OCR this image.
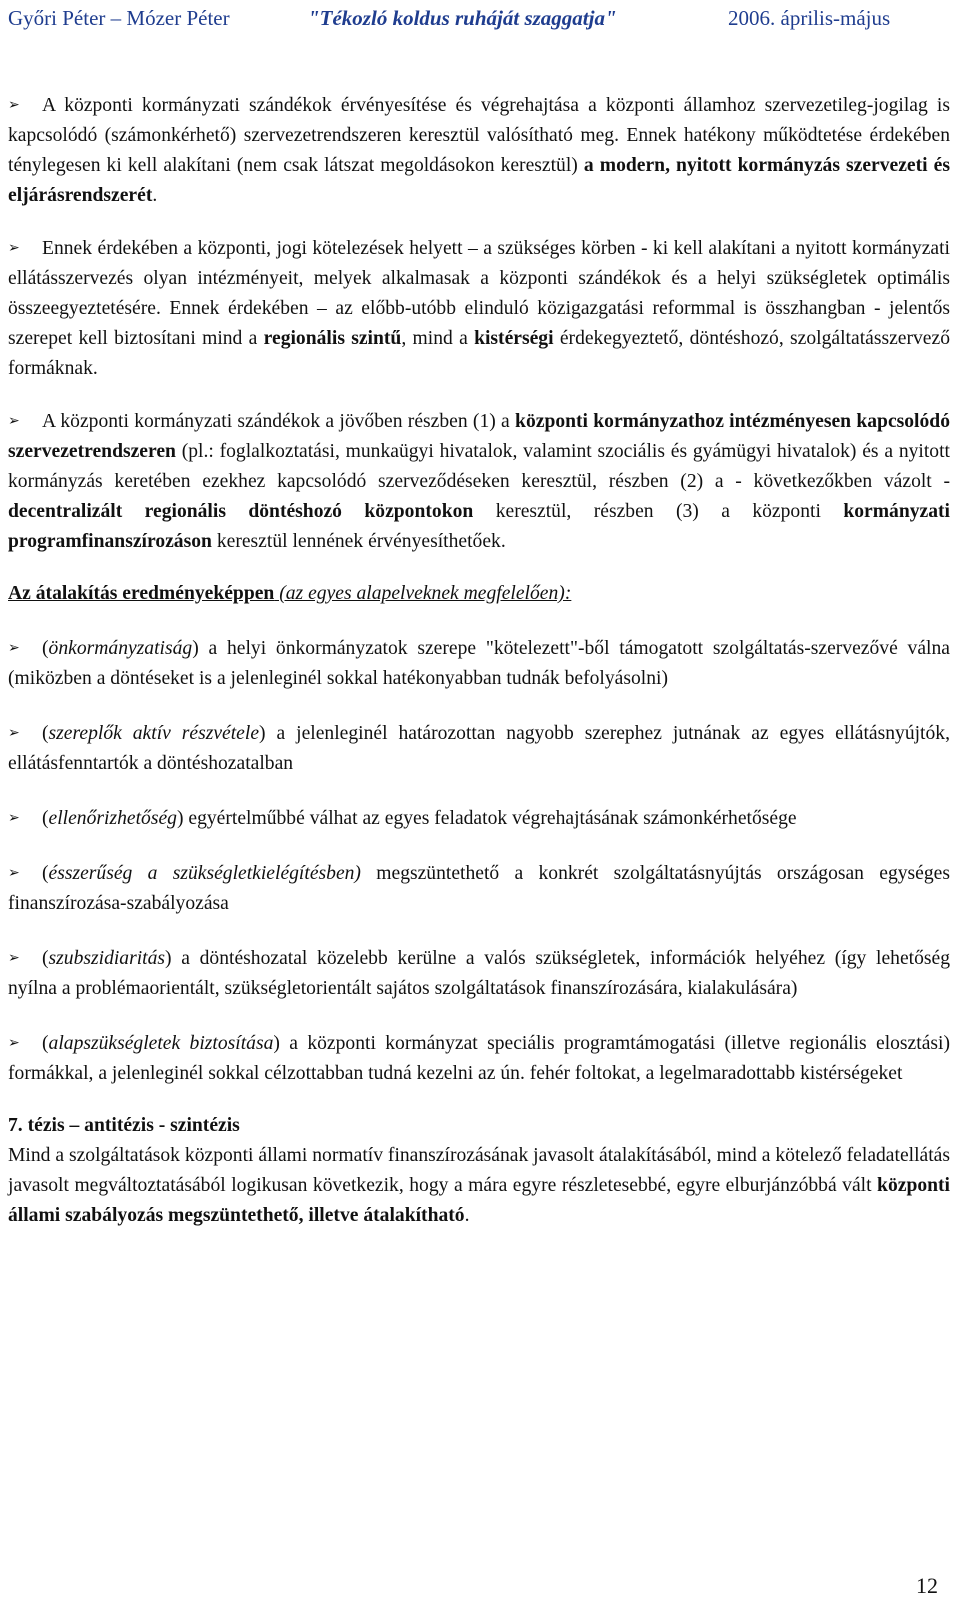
Győri Péter – Mózer Péter	"Tékozló koldus ruháját szaggatja"	2006. április-május

➢ A központi kormányzati szándékok érvényesítése és végrehajtása a központi államhoz szervezetileg-jogilag is kapcsolódó (számonkérhető) szervezetrendszeren keresztül valósítható meg. Ennek hatékony működtetése érdekében ténylegesen ki kell alakítani (nem csak látszat megoldásokon keresztül) a modern, nyitott kormányzás szervezeti és eljárásrendszerét.

➢ Ennek érdekében a központi, jogi kötelezések helyett – a szükséges körben - ki kell alakítani a nyitott kormányzati ellátásszervezés olyan intézményeit, melyek alkalmasak a központi szándékok és a helyi szükségletek optimális összeegyeztetésére. Ennek érdekében – az előbb-utóbb elinduló közigazgatási reformmal is összhangban - jelentős szerepet kell biztosítani mind a regionális szintű, mind a kistérségi érdekegyeztető, döntéshozó, szolgáltatásszervező formáknak.

➢ A központi kormányzati szándékok a jövőben részben (1) a központi kormányzathoz intézményesen kapcsolódó szervezetrendszeren (pl.: foglalkoztatási, munkaügyi hivatalok, valamint szociális és gyámügyi hivatalok) és a nyitott kormányzás keretében ezekhez kapcsolódó szerveződéseken keresztül, részben (2) a - következőkben vázolt - decentralizált regionális döntéshozó központokon keresztül, részben (3) a központi kormányzati programfinanszírozáson keresztül lennének érvényesíthetőek.

Az átalakítás eredményeképpen (az egyes alapelveknek megfelelően):

➢ (önkormányzatiság) a helyi önkormányzatok szerepe "kötelezett"-ből támogatott szolgáltatás-szervezővé válna (miközben a döntéseket is a jelenleginél sokkal hatékonyabban tudnák befolyásolni)

➢ (szereplők aktív részvétele) a jelenleginél határozottan nagyobb szerephez jutnának az egyes ellátásnyújtók, ellátásfenntartók a döntéshozatalban

➢ (ellenőrizhetőség) egyértelműbbé válhat az egyes feladatok végrehajtásának számonkérhetősége

➢ (ésszerűség a szükségletkielégítésben) megszüntethető a konkrét szolgáltatásnyújtás országosan egységes finanszírozása-szabályozása

➢ (szubszidiaritás) a döntéshozatal közelebb kerülne a valós szükségletek, információk helyéhez (így lehetőség nyílna a problémaorientált, szükségletorientált sajátos szolgáltatások finanszírozására, kialakulására)

➢ (alapszükségletek biztosítása) a központi kormányzat speciális programtámogatási (illetve regionális elosztási) formákkal, a jelenleginél sokkal célzottabban tudná kezelni az ún. fehér foltokat, a legelmaradottabb kistérségeket

7. tézis – antitézis - szintézis

Mind a szolgáltatások központi állami normatív finanszírozásának javasolt átalakításából, mind a kötelező feladatellátás javasolt megváltoztatásából logikusan következik, hogy a mára egyre részletesebbé, egyre elburjánzóbbá vált központi állami szabályozás megszüntethető, illetve átalakítható.

12
